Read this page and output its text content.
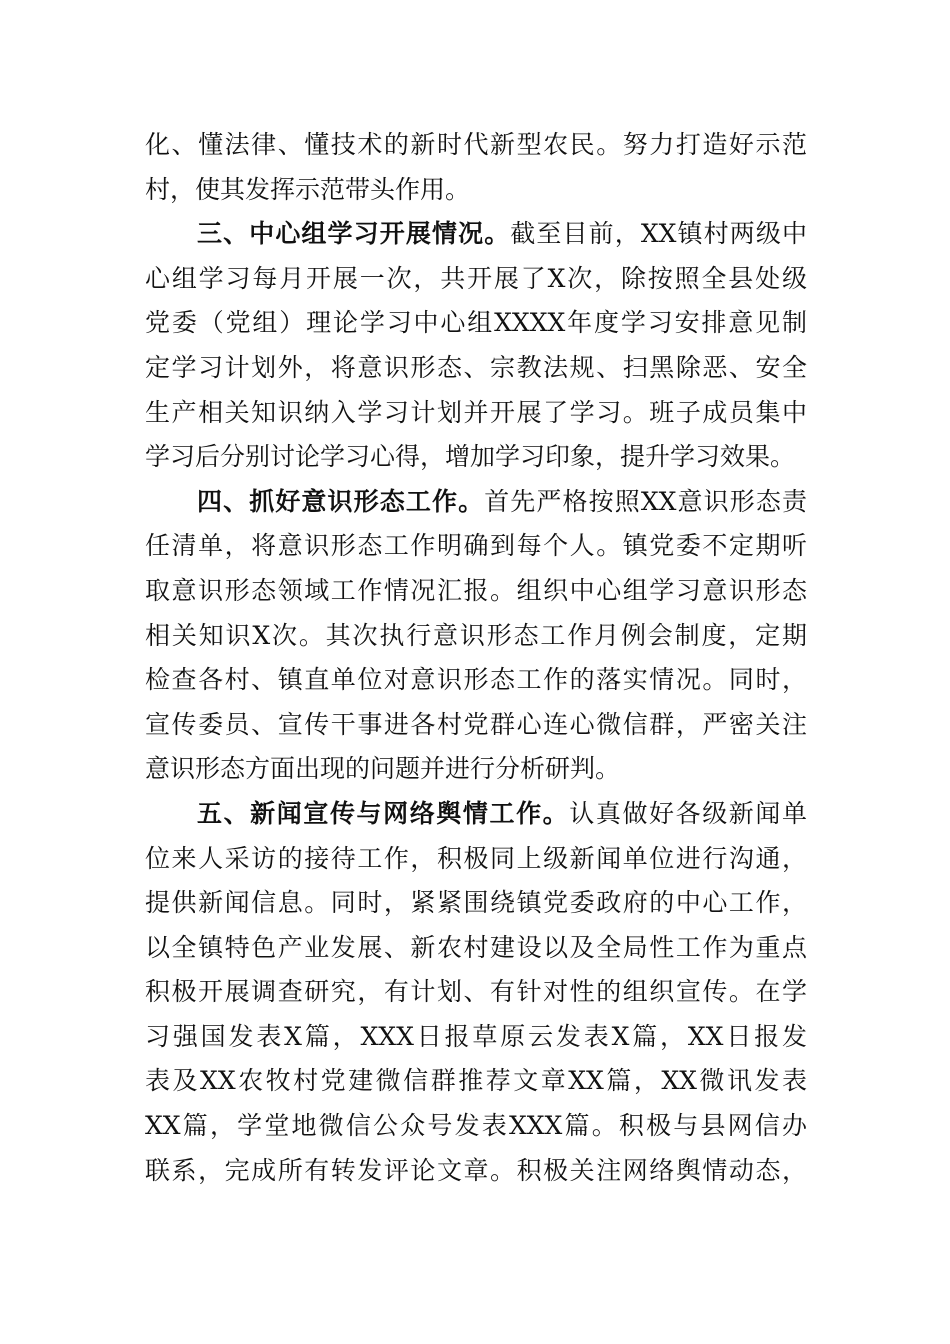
化、懂法律、懂技术的新时代新型农民。努力打造好示范
村，使其发挥示范带头作用。
三、中心组学习开展情况。截至目前，XX镇村两级中
心组学习每月开展一次，共开展了X次，除按照全县处级
党委（党组）理论学习中心组XXXX年度学习安排意见制
定学习计划外，将意识形态、宗教法规、扫黑除恶、安全
生产相关知识纳入学习计划并开展了学习。班子成员集中
学习后分别讨论学习心得，增加学习印象，提升学习效果。
四、抓好意识形态工作。首先严格按照XX意识形态责
任清单，将意识形态工作明确到每个人。镇党委不定期听
取意识形态领域工作情况汇报。组织中心组学习意识形态
相关知识X次。其次执行意识形态工作月例会制度，定期
检查各村、镇直单位对意识形态工作的落实情况。同时，
宣传委员、宣传干事进各村党群心连心微信群，严密关注
意识形态方面出现的问题并进行分析研判。
五、新闻宣传与网络舆情工作。认真做好各级新闻单
位来人采访的接待工作，积极同上级新闻单位进行沟通，
提供新闻信息。同时，紧紧围绕镇党委政府的中心工作，
以全镇特色产业发展、新农村建设以及全局性工作为重点
积极开展调查研究，有计划、有针对性的组织宣传。在学
习强国发表X篇，XXX日报草原云发表X篇，XX日报发
表及XX农牧村党建微信群推荐文章XX篇，XX微讯发表
XX篇，学堂地微信公众号发表XXX篇。积极与县网信办
联系，完成所有转发评论文章。积极关注网络舆情动态，
